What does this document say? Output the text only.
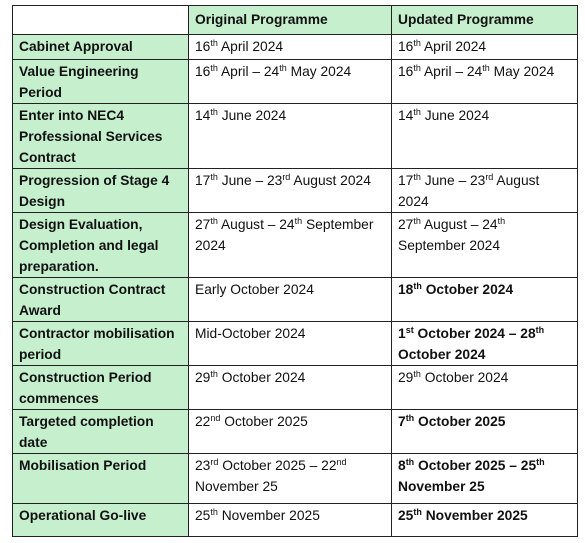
	Original Programme	Updated Programme
Cabinet Approval	16th April 2024	16th April 2024
Value Engineering Period	16th April – 24th May 2024	16th April – 24th May 2024
Enter into NEC4 Professional Services Contract	14th June 2024	14th June 2024
Progression of Stage 4 Design	17th June – 23rd August 2024	17th June – 23rd August 2024
Design Evaluation, Completion and legal preparation.	27th August – 24th September 2024	27th August – 24th September 2024
Construction Contract Award	Early October 2024	18th October 2024
Contractor mobilisation period	Mid-October 2024	1st October 2024 – 28th October 2024
Construction Period commences	29th October 2024	29th October 2024
Targeted completion date	22nd October 2025	7th October 2025
Mobilisation Period	23rd October 2025 – 22nd November 25	8th October 2025 – 25th November 25
Operational Go-live	25th November 2025	25th November 2025
